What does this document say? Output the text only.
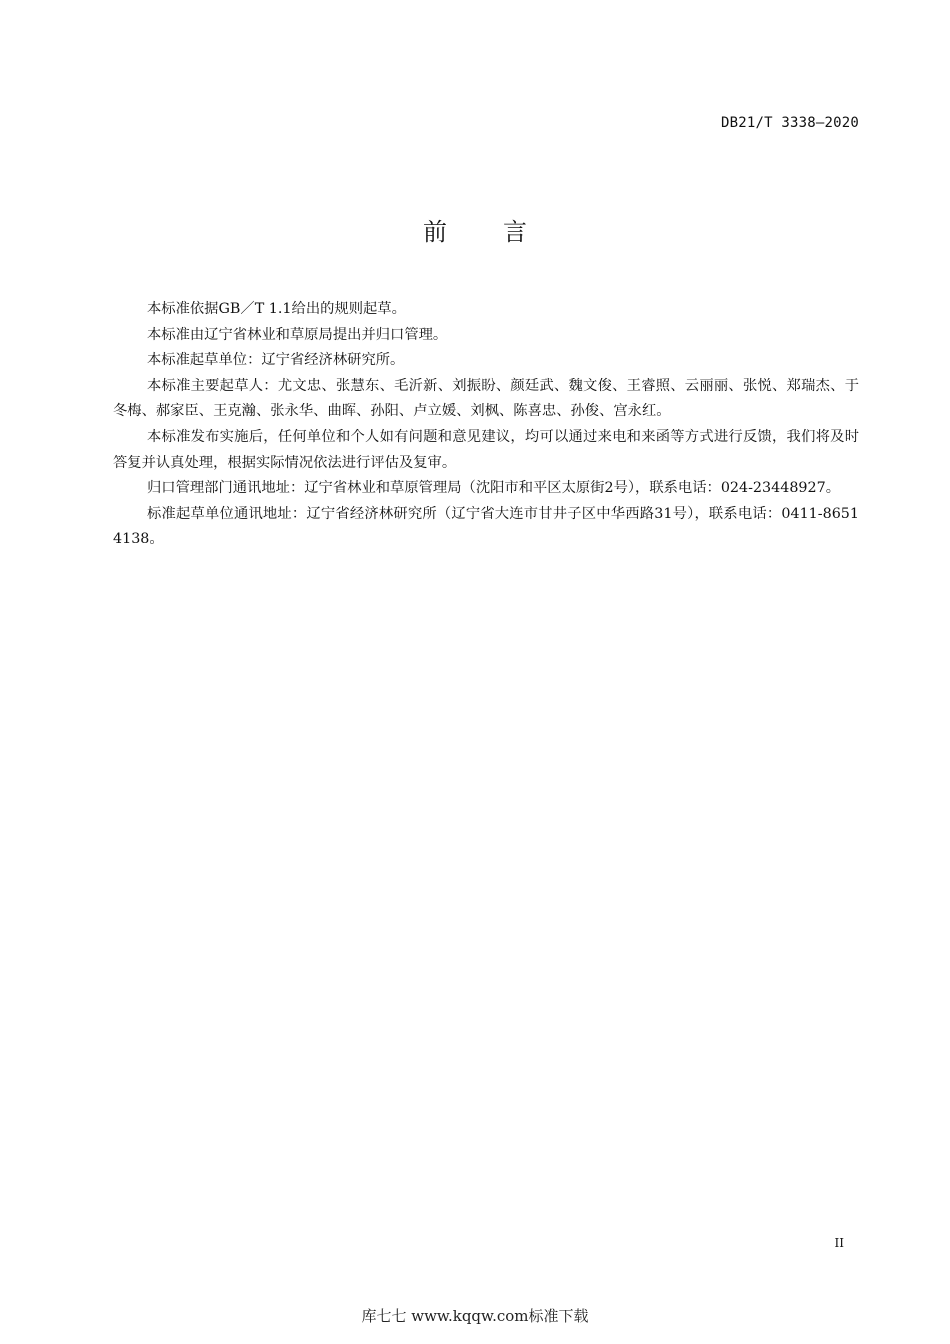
DB21/T 3338—2020
前言

本标准依据GB／T 1.1给出的规则起草。

本标准由辽宁省林业和草原局提出并归口管理。

本标准起草单位：辽宁省经济林研究所。

本标准主要起草人：尤文忠、张慧东、毛沂新、刘振盼、颜廷武、魏文俊、王睿照、云丽丽、张悦、郑瑞杰、于冬梅、郝家臣、王克瀚、张永华、曲晖、孙阳、卢立媛、刘枫、陈喜忠、孙俊、宫永红。

本标准发布实施后，任何单位和个人如有问题和意见建议，均可以通过来电和来函等方式进行反馈，我们将及时答复并认真处理，根据实际情况依法进行评估及复审。

归口管理部门通讯地址：辽宁省林业和草原管理局（沈阳市和平区太原街2号），联系电话：024-23448927。

标准起草单位通讯地址：辽宁省经济林研究所（辽宁省大连市甘井子区中华西路31号），联系电话：0411-86514138。

II
库七七 www.kqqw.com标准下载
